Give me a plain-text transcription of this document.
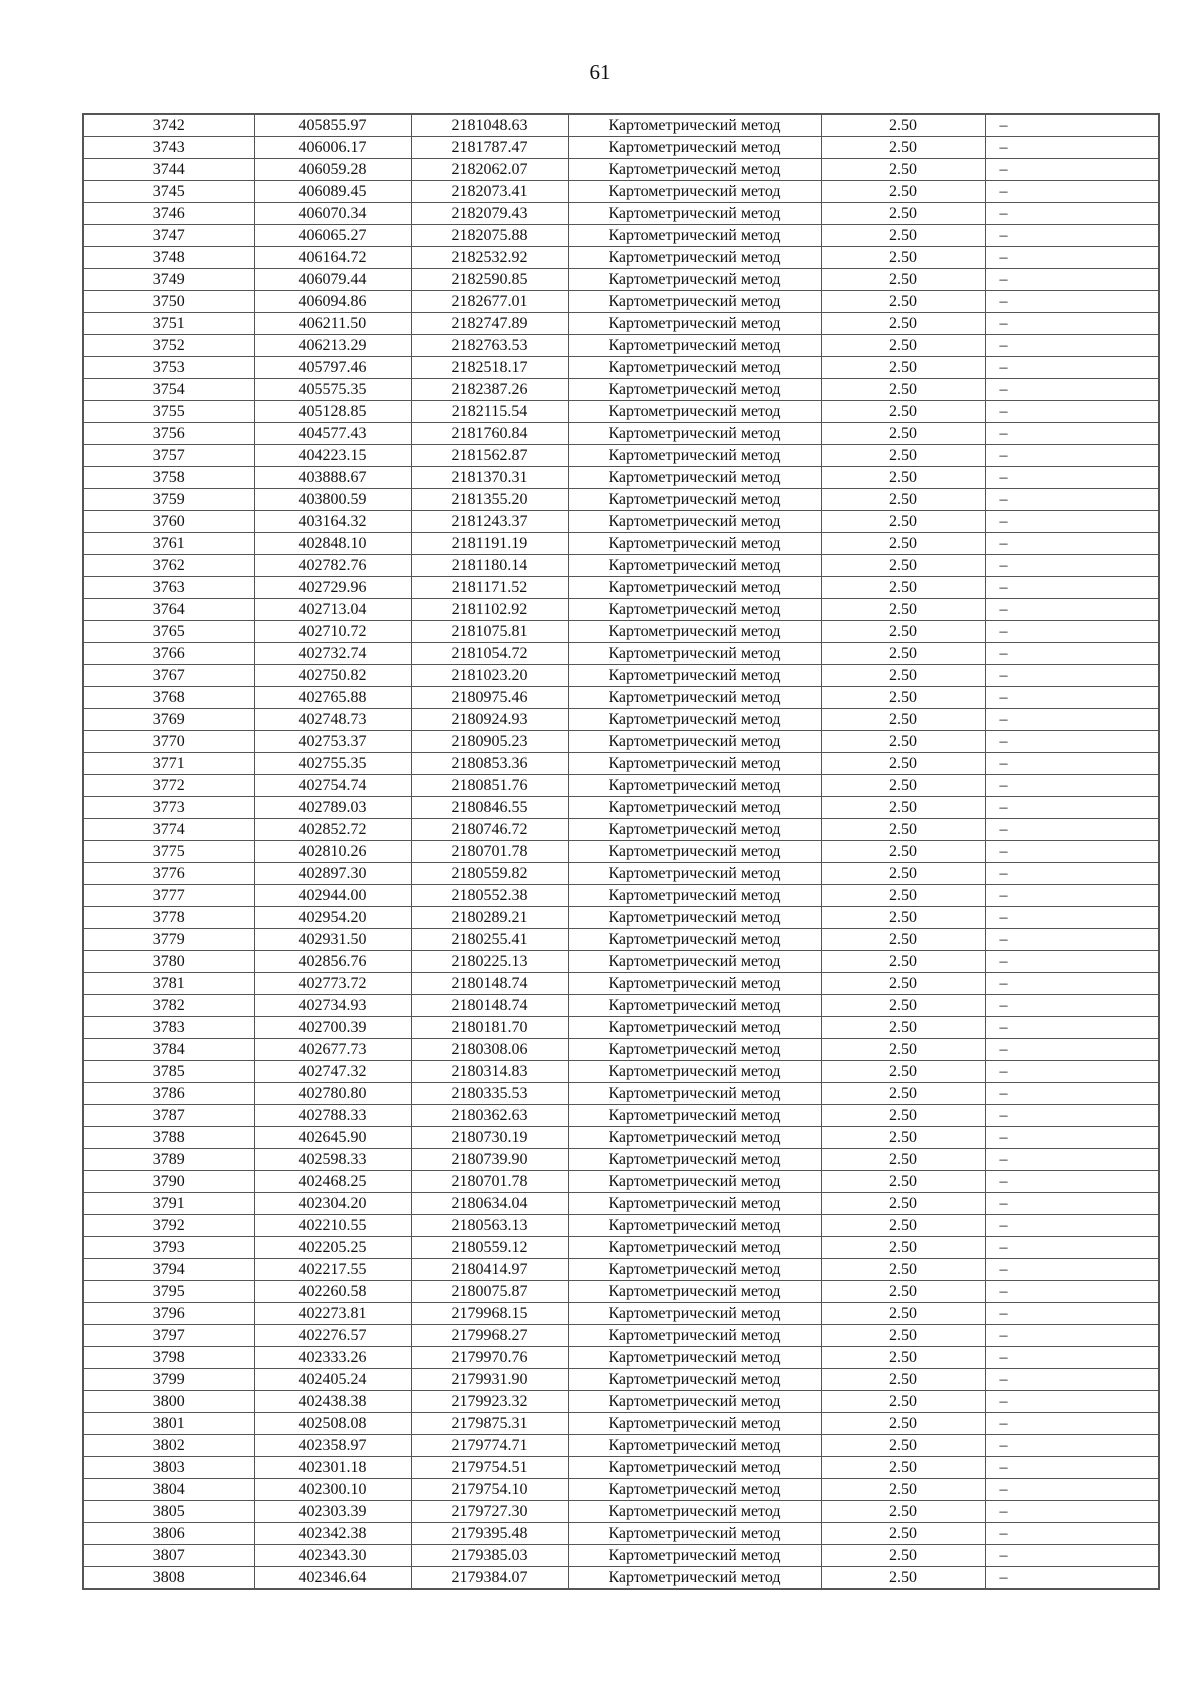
61
3742	405855.97	2181048.63	Картометрический метод	2.50	–
3743	406006.17	2181787.47	Картометрический метод	2.50	–
3744	406059.28	2182062.07	Картометрический метод	2.50	–
3745	406089.45	2182073.41	Картометрический метод	2.50	–
3746	406070.34	2182079.43	Картометрический метод	2.50	–
3747	406065.27	2182075.88	Картометрический метод	2.50	–
3748	406164.72	2182532.92	Картометрический метод	2.50	–
3749	406079.44	2182590.85	Картометрический метод	2.50	–
3750	406094.86	2182677.01	Картометрический метод	2.50	–
3751	406211.50	2182747.89	Картометрический метод	2.50	–
3752	406213.29	2182763.53	Картометрический метод	2.50	–
3753	405797.46	2182518.17	Картометрический метод	2.50	–
3754	405575.35	2182387.26	Картометрический метод	2.50	–
3755	405128.85	2182115.54	Картометрический метод	2.50	–
3756	404577.43	2181760.84	Картометрический метод	2.50	–
3757	404223.15	2181562.87	Картометрический метод	2.50	–
3758	403888.67	2181370.31	Картометрический метод	2.50	–
3759	403800.59	2181355.20	Картометрический метод	2.50	–
3760	403164.32	2181243.37	Картометрический метод	2.50	–
3761	402848.10	2181191.19	Картометрический метод	2.50	–
3762	402782.76	2181180.14	Картометрический метод	2.50	–
3763	402729.96	2181171.52	Картометрический метод	2.50	–
3764	402713.04	2181102.92	Картометрический метод	2.50	–
3765	402710.72	2181075.81	Картометрический метод	2.50	–
3766	402732.74	2181054.72	Картометрический метод	2.50	–
3767	402750.82	2181023.20	Картометрический метод	2.50	–
3768	402765.88	2180975.46	Картометрический метод	2.50	–
3769	402748.73	2180924.93	Картометрический метод	2.50	–
3770	402753.37	2180905.23	Картометрический метод	2.50	–
3771	402755.35	2180853.36	Картометрический метод	2.50	–
3772	402754.74	2180851.76	Картометрический метод	2.50	–
3773	402789.03	2180846.55	Картометрический метод	2.50	–
3774	402852.72	2180746.72	Картометрический метод	2.50	–
3775	402810.26	2180701.78	Картометрический метод	2.50	–
3776	402897.30	2180559.82	Картометрический метод	2.50	–
3777	402944.00	2180552.38	Картометрический метод	2.50	–
3778	402954.20	2180289.21	Картометрический метод	2.50	–
3779	402931.50	2180255.41	Картометрический метод	2.50	–
3780	402856.76	2180225.13	Картометрический метод	2.50	–
3781	402773.72	2180148.74	Картометрический метод	2.50	–
3782	402734.93	2180148.74	Картометрический метод	2.50	–
3783	402700.39	2180181.70	Картометрический метод	2.50	–
3784	402677.73	2180308.06	Картометрический метод	2.50	–
3785	402747.32	2180314.83	Картометрический метод	2.50	–
3786	402780.80	2180335.53	Картометрический метод	2.50	–
3787	402788.33	2180362.63	Картометрический метод	2.50	–
3788	402645.90	2180730.19	Картометрический метод	2.50	–
3789	402598.33	2180739.90	Картометрический метод	2.50	–
3790	402468.25	2180701.78	Картометрический метод	2.50	–
3791	402304.20	2180634.04	Картометрический метод	2.50	–
3792	402210.55	2180563.13	Картометрический метод	2.50	–
3793	402205.25	2180559.12	Картометрический метод	2.50	–
3794	402217.55	2180414.97	Картометрический метод	2.50	–
3795	402260.58	2180075.87	Картометрический метод	2.50	–
3796	402273.81	2179968.15	Картометрический метод	2.50	–
3797	402276.57	2179968.27	Картометрический метод	2.50	–
3798	402333.26	2179970.76	Картометрический метод	2.50	–
3799	402405.24	2179931.90	Картометрический метод	2.50	–
3800	402438.38	2179923.32	Картометрический метод	2.50	–
3801	402508.08	2179875.31	Картометрический метод	2.50	–
3802	402358.97	2179774.71	Картометрический метод	2.50	–
3803	402301.18	2179754.51	Картометрический метод	2.50	–
3804	402300.10	2179754.10	Картометрический метод	2.50	–
3805	402303.39	2179727.30	Картометрический метод	2.50	–
3806	402342.38	2179395.48	Картометрический метод	2.50	–
3807	402343.30	2179385.03	Картометрический метод	2.50	–
3808	402346.64	2179384.07	Картометрический метод	2.50	–
